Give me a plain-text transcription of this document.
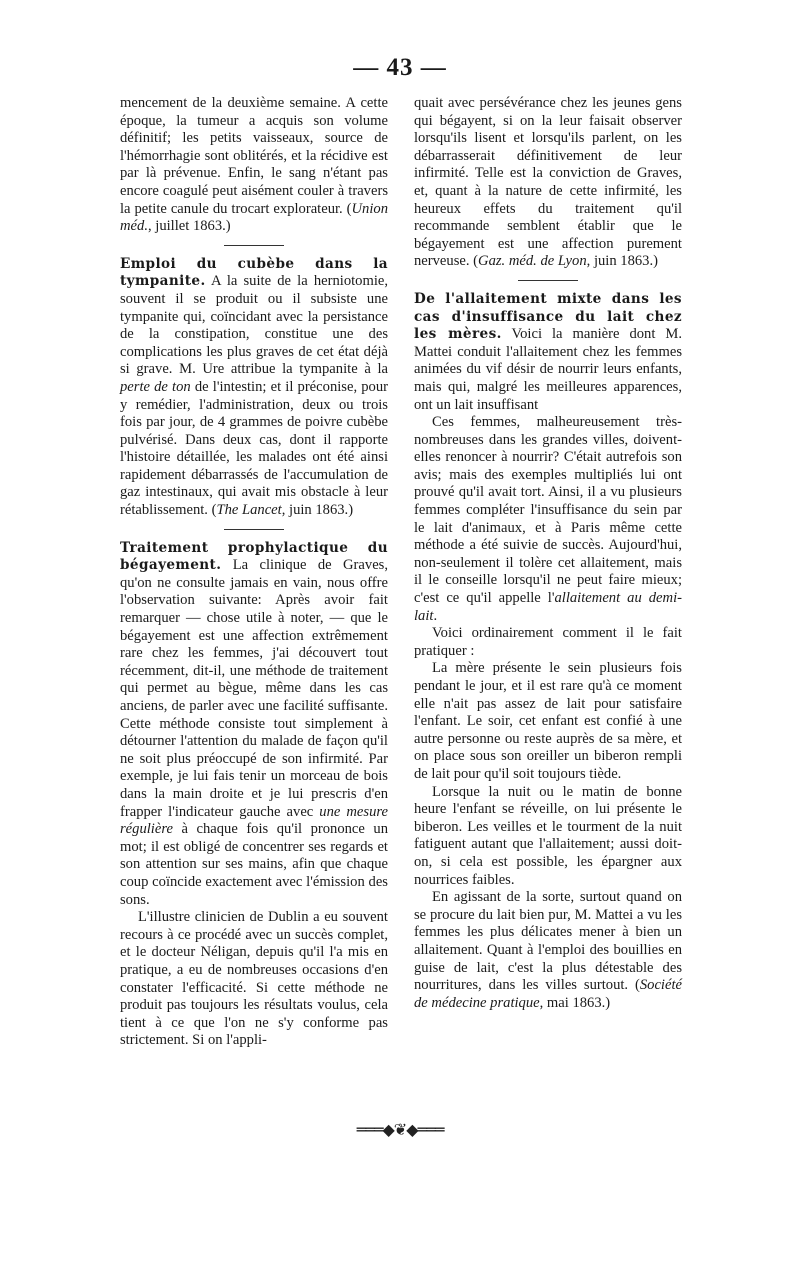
— 43 —

mencement de la deuxième semaine. A cette époque, la tumeur a acquis son volume définitif; les petits vaisseaux, source de l'hémorrhagie sont oblitérés, et la récidive est par là prévenue. Enfin, le sang n'étant pas encore coagulé peut aisément couler à travers la petite canule du trocart explorateur. (Union méd., juillet 1863.)

Emploi du cubèbe dans la tympanite. A la suite de la herniotomie, souvent il se produit ou il subsiste une tympanite qui, coïncidant avec la persistance de la constipation, constitue une des complications les plus graves de cet état déjà si grave. M. Ure attribue la tympanite à la perte de ton de l'intestin; et il préconise, pour y remédier, l'administration, deux ou trois fois par jour, de 4 grammes de poivre cubèbe pulvérisé. Dans deux cas, dont il rapporte l'histoire détaillée, les malades ont été ainsi rapidement débarrassés de l'accumulation de gaz intestinaux, qui avait mis obstacle à leur rétablissement. (The Lancet, juin 1863.)

Traitement prophylactique du bégayement. La clinique de Graves, qu'on ne consulte jamais en vain, nous offre l'observation suivante: Après avoir fait remarquer — chose utile à noter, — que le bégayement est une affection extrêmement rare chez les femmes, j'ai découvert tout récemment, dit-il, une méthode de traitement qui permet au bègue, même dans les cas anciens, de parler avec une facilité suffisante. Cette méthode consiste tout simplement à détourner l'attention du malade de façon qu'il ne soit plus préoccupé de son infirmité. Par exemple, je lui fais tenir un morceau de bois dans la main droite et je lui prescris d'en frapper l'indicateur gauche avec une mesure régulière à chaque fois qu'il prononce un mot; il est obligé de concentrer ses regards et son attention sur ses mains, afin que chaque coup coïncide exactement avec l'émission des sons.

L'illustre clinicien de Dublin a eu souvent recours à ce procédé avec un succès complet, et le docteur Néligan, depuis qu'il l'a mis en pratique, a eu de nombreuses occasions d'en constater l'efficacité. Si cette méthode ne produit pas toujours les résultats voulus, cela tient à ce que l'on ne s'y conforme pas strictement. Si on l'appli-

quait avec persévérance chez les jeunes gens qui bégayent, si on la leur faisait observer lorsqu'ils lisent et lorsqu'ils parlent, on les débarrasserait définitivement de leur infirmité. Telle est la conviction de Graves, et, quant à la nature de cette infirmité, les heureux effets du traitement qu'il recommande semblent établir que le bégayement est une affection purement nerveuse. (Gaz. méd. de Lyon, juin 1863.)

De l'allaitement mixte dans les cas d'insuffisance du lait chez les mères. Voici la manière dont M. Mattei conduit l'allaitement chez les femmes animées du vif désir de nourrir leurs enfants, mais qui, malgré les meilleures apparences, ont un lait insuffisant

Ces femmes, malheureusement très-nombreuses dans les grandes villes, doivent-elles renoncer à nourrir? C'était autrefois son avis; mais des exemples multipliés lui ont prouvé qu'il avait tort. Ainsi, il a vu plusieurs femmes compléter l'insuffisance du sein par le lait d'animaux, et à Paris même cette méthode a été suivie de succès. Aujourd'hui, non-seulement il tolère cet allaitement, mais il le conseille lorsqu'il ne peut faire mieux; c'est ce qu'il appelle l'allaitement au demi-lait.

Voici ordinairement comment il le fait pratiquer :

La mère présente le sein plusieurs fois pendant le jour, et il est rare qu'à ce moment elle n'ait pas assez de lait pour satisfaire l'enfant. Le soir, cet enfant est confié à une autre personne ou reste auprès de sa mère, et on place sous son oreiller un biberon rempli de lait pour qu'il soit toujours tiède.

Lorsque la nuit ou le matin de bonne heure l'enfant se réveille, on lui présente le biberon. Les veilles et le tourment de la nuit fatiguent autant que l'allaitement; aussi doit-on, si cela est possible, les épargner aux nourrices faibles.

En agissant de la sorte, surtout quand on se procure du lait bien pur, M. Mattei a vu les femmes les plus délicates mener à bien un allaitement. Quant à l'emploi des bouillies en guise de lait, c'est la plus détestable des nourritures, dans les villes surtout. (Société de médecine pratique, mai 1863.)

═══◆❦◆═══
